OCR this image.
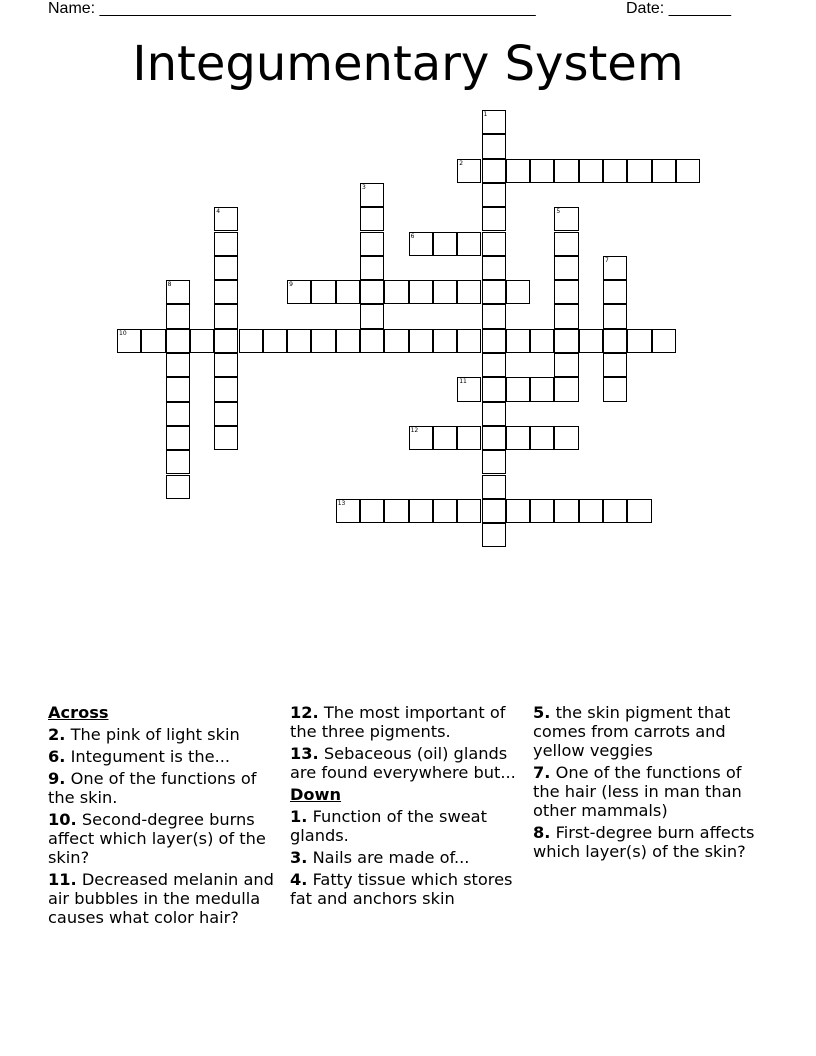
Name: _________________________________________________	Date: _______
Integumentary System
1
2
3
4	5
6
7
8	9
10
11
12
13
Across
2. The pink of light skin
6. Integument is the...
9. One of the functions of the skin.
10. Second-degree burns affect which layer(s) of the skin?
11. Decreased melanin and air bubbles in the medulla causes what color hair?
12. The most important of the three pigments.
13. Sebaceous (oil) glands are found everywhere but...
Down
1. Function of the sweat glands.
3. Nails are made of...
4. Fatty tissue which stores fat and anchors skin
5. the skin pigment that comes from carrots and yellow veggies
7. One of the functions of the hair (less in man than other mammals)
8. First-degree burn affects which layer(s) of the skin?
